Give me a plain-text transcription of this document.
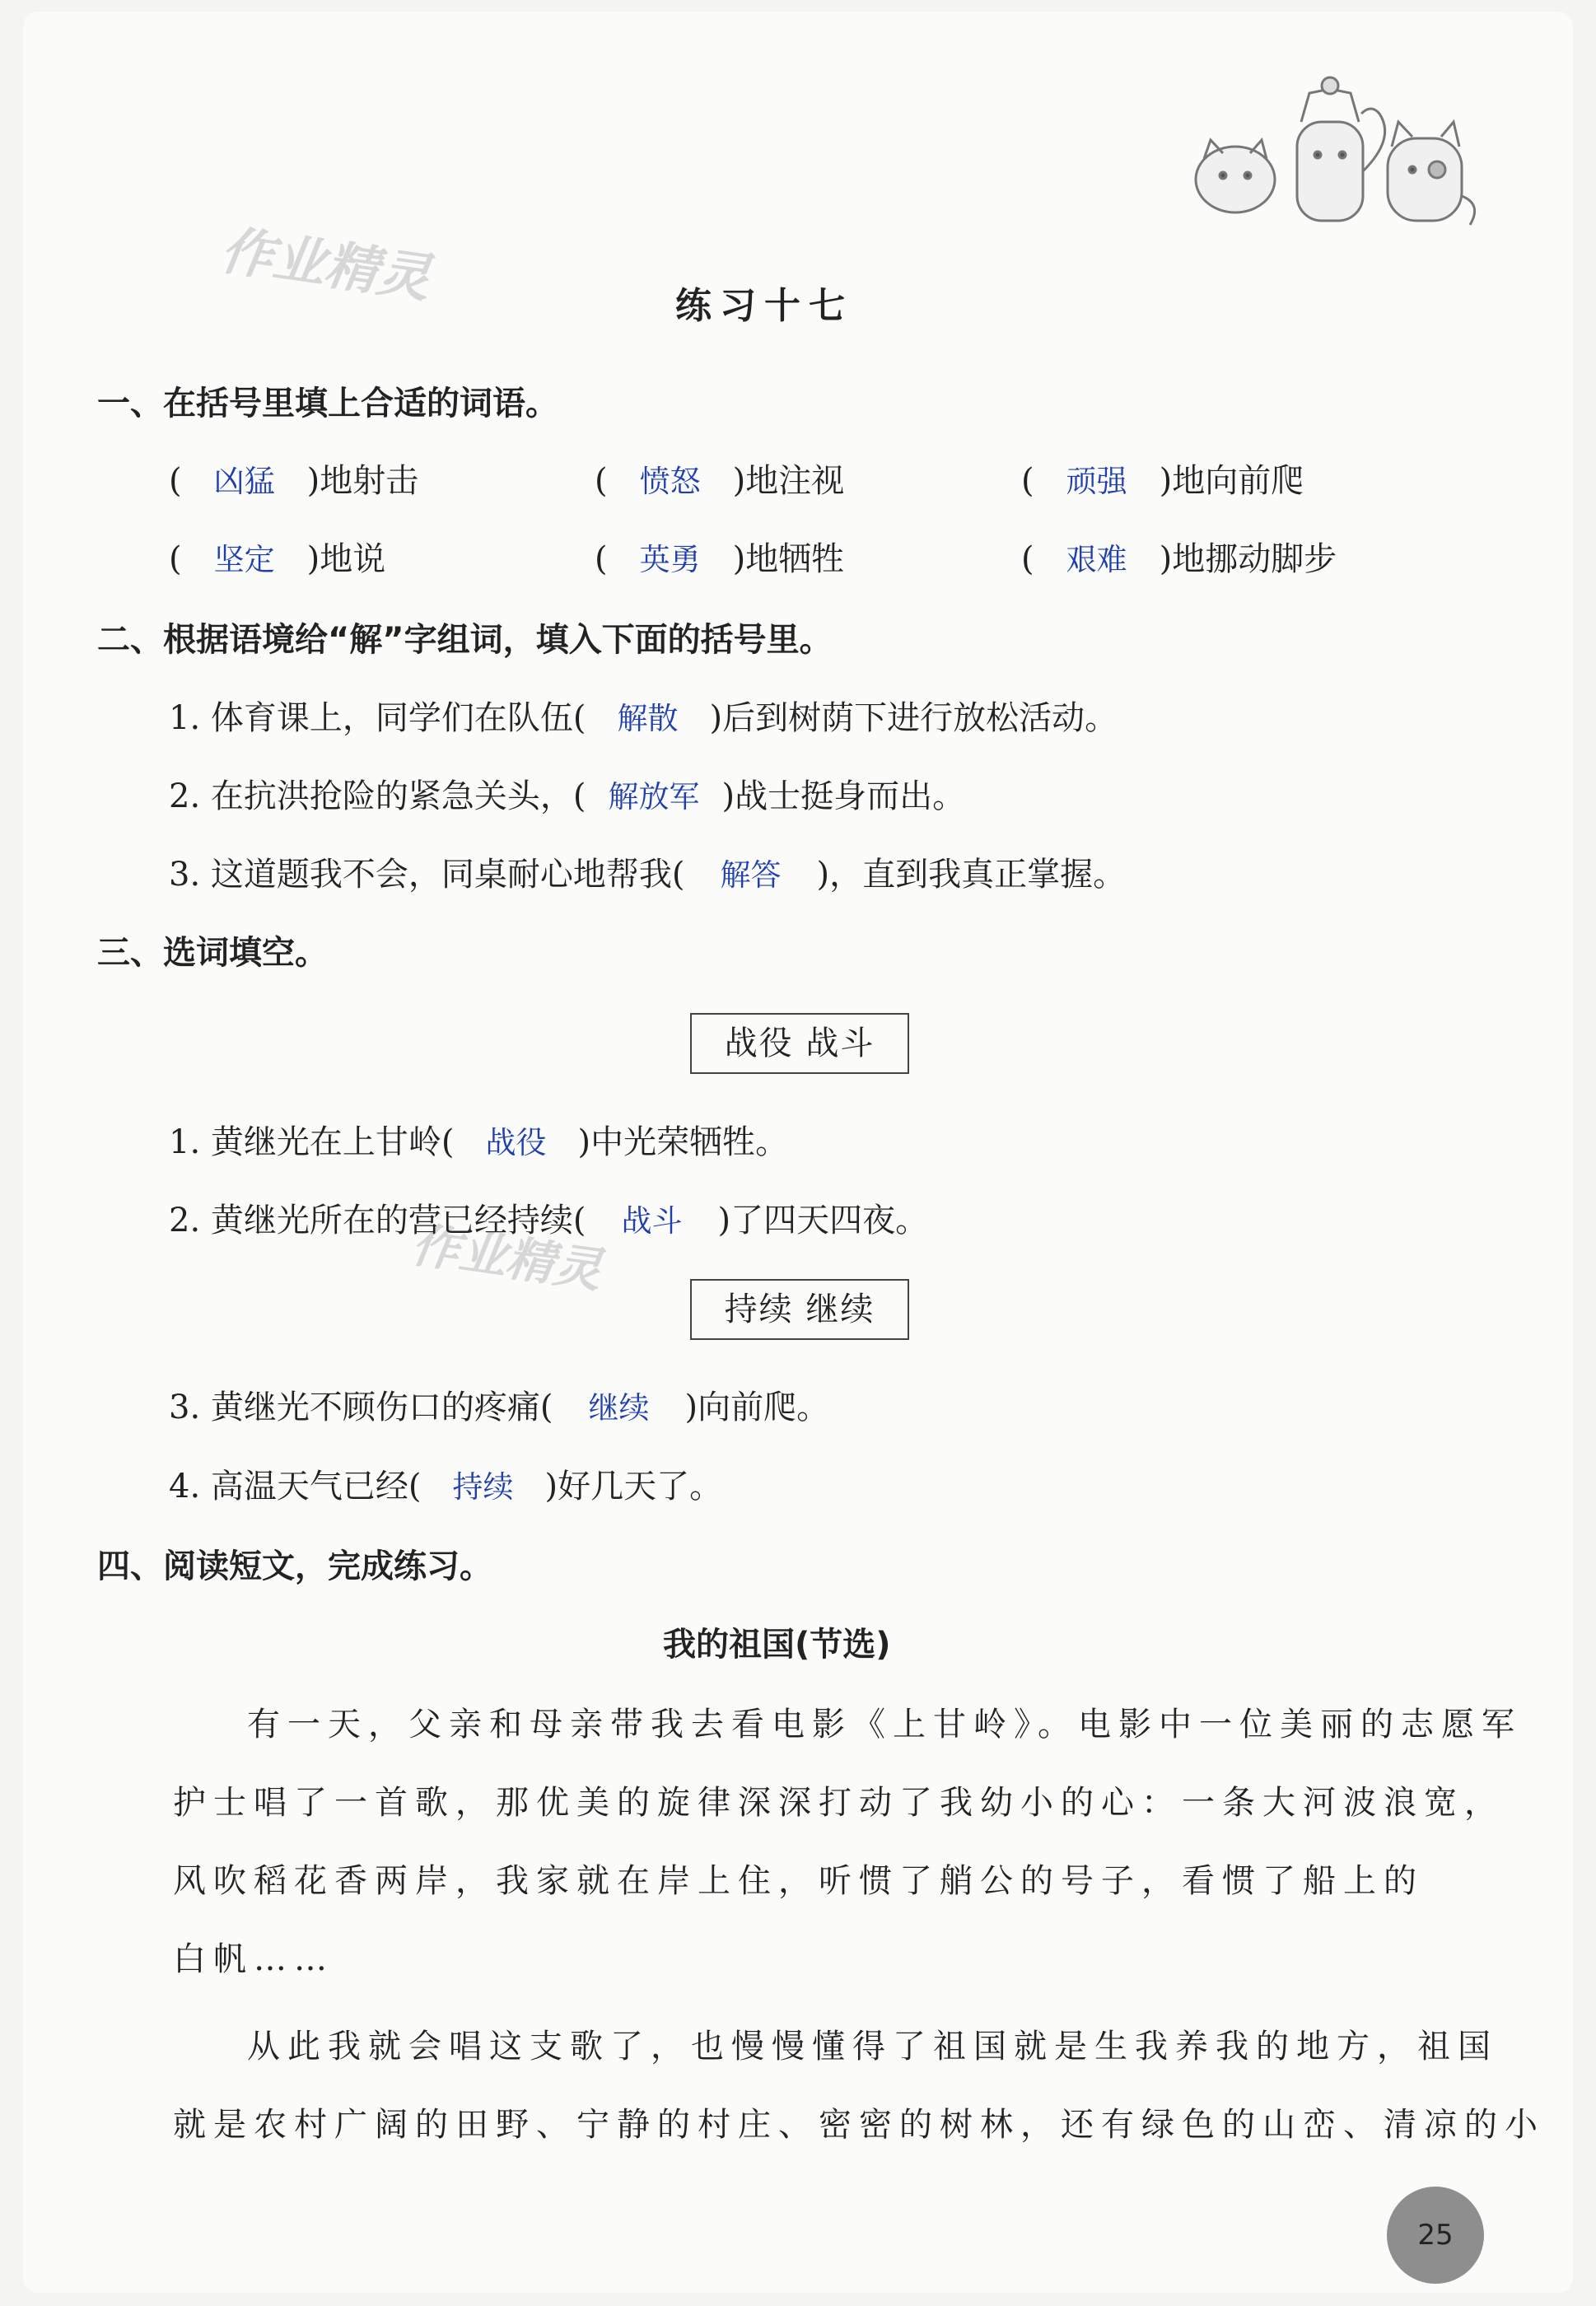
作业精灵
作业精灵
练习十七
一、在括号里填上合适的词语。
( 凶猛 )地射击	( 愤怒 )地注视	( 顽强 )地向前爬
( 坚定 )地说	( 英勇 )地牺牲	( 艰难 )地挪动脚步
二、根据语境给“解”字组词，填入下面的括号里。
1. 体育课上，同学们在队伍( 解散 )后到树荫下进行放松活动。
2. 在抗洪抢险的紧急关头，( 解放军 )战士挺身而出。
3. 这道题我不会，同桌耐心地帮我( 解答 )，直到我真正掌握。
三、选词填空。
战役 战斗
1. 黄继光在上甘岭( 战役 )中光荣牺牲。
2. 黄继光所在的营已经持续( 战斗 )了四天四夜。
持续 继续
3. 黄继光不顾伤口的疼痛( 继续 )向前爬。
4. 高温天气已经( 持续 )好几天了。
四、阅读短文，完成练习。
我的祖国(节选)
有一天，父亲和母亲带我去看电影《上甘岭》。电影中一位美丽的志愿军
护士唱了一首歌，那优美的旋律深深打动了我幼小的心：一条大河波浪宽，
风吹稻花香两岸，我家就在岸上住，听惯了艄公的号子，看惯了船上的
白帆……
从此我就会唱这支歌了，也慢慢懂得了祖国就是生我养我的地方，祖国
就是农村广阔的田野、宁静的村庄、密密的树林，还有绿色的山峦、清凉的小
25
